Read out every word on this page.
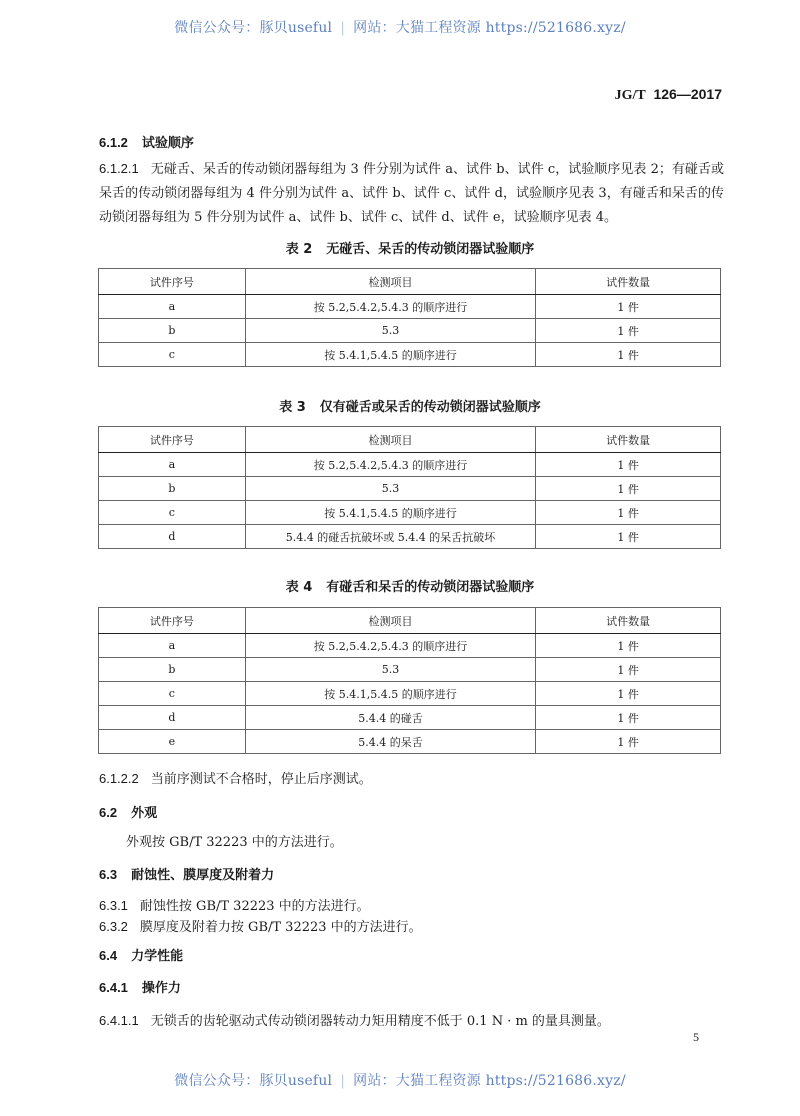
微信公众号：豚贝useful | 网站：大猫工程资源 https://521686.xyz/
JG/T 126—2017
6.1.2 试验顺序
6.1.2.1 无碰舌、呆舌的传动锁闭器每组为 3 件分别为试件 a、试件 b、试件 c，试验顺序见表 2；有碰舌或呆舌的传动锁闭器每组为 4 件分别为试件 a、试件 b、试件 c、试件 d，试验顺序见表 3，有碰舌和呆舌的传动锁闭器每组为 5 件分别为试件 a、试件 b、试件 c、试件 d、试件 e，试验顺序见表 4。
表 2 无碰舌、呆舌的传动锁闭器试验顺序
试件序号	检测项目	试件数量
a	按 5.2,5.4.2,5.4.3 的顺序进行	1 件
b	5.3	1 件
c	按 5.4.1,5.4.5 的顺序进行	1 件
表 3 仅有碰舌或呆舌的传动锁闭器试验顺序
试件序号	检测项目	试件数量
a	按 5.2,5.4.2,5.4.3 的顺序进行	1 件
b	5.3	1 件
c	按 5.4.1,5.4.5 的顺序进行	1 件
d	5.4.4 的碰舌抗破坏或 5.4.4 的呆舌抗破坏	1 件
表 4 有碰舌和呆舌的传动锁闭器试验顺序
试件序号	检测项目	试件数量
a	按 5.2,5.4.2,5.4.3 的顺序进行	1 件
b	5.3	1 件
c	按 5.4.1,5.4.5 的顺序进行	1 件
d	5.4.4 的碰舌	1 件
e	5.4.4 的呆舌	1 件
6.1.2.2 当前序测试不合格时，停止后序测试。
6.2 外观
外观按 GB/T 32223 中的方法进行。
6.3 耐蚀性、膜厚度及附着力
6.3.1 耐蚀性按 GB/T 32223 中的方法进行。
6.3.2 膜厚度及附着力按 GB/T 32223 中的方法进行。
6.4 力学性能
6.4.1 操作力
6.4.1.1 无锁舌的齿轮驱动式传动锁闭器转动力矩用精度不低于 0.1 N · m 的量具测量。
5
微信公众号：豚贝useful | 网站：大猫工程资源 https://521686.xyz/
